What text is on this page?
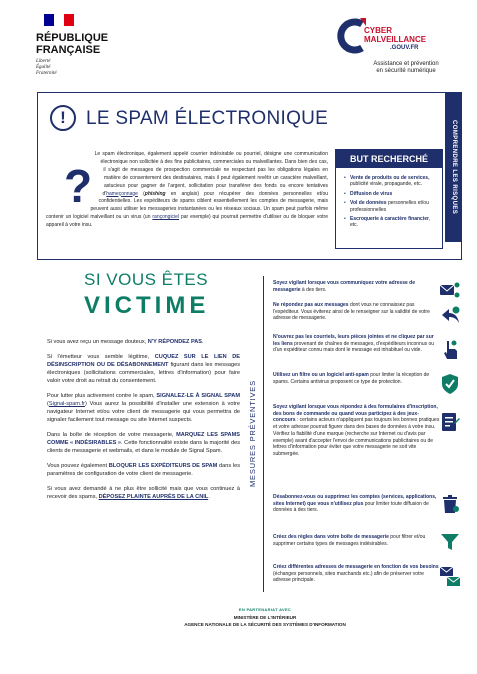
RÉPUBLIQUE
FRANÇAISE
Liberté
Égalité
Fraternité
CYBER
MALVEILLANCE
.GOUV.FR
Assistance et prévention
en sécurité numérique
COMPRENDRE LES RISQUES
!	LE SPAM ÉLECTRONIQUE
?
Le spam électronique, également appelé courrier indésirable ou pourriel, désigne une communication électronique non sollicitée à des fins publicitaires, commerciales ou malveillantes. Dans bien des cas, il s'agit de messages de prospection commerciale ne respectant pas les obligations légales en matière de consentement des destinataires, mais il peut également revêtir un caractère malveillant, astucieux pour gagner de l'argent, sollicitation pour transférer des fonds ou encore tentatives d'hameçonnage (phishing en anglais) pour récupérer des données personnelles et/ou confidentielles. Les expéditeurs de spams ciblent essentiellement les comptes de messagerie, mais peuvent aussi utiliser les messageries instantanées ou les réseaux sociaux. Un spam peut parfois même contenir un logiciel malveillant ou un virus (un rançongiciel par exemple) qui pourrait permettre d'utiliser ou de bloquer votre appareil à votre insu.
BUT RECHERCHÉ
• Vente de produits ou de services, publicité virale, propagande, etc.
• Diffusion de virus
• Vol de données personnelles et/ou professionnelles
• Escroquerie à caractère financier, etc.
SI VOUS ÊTES
VICTIME

Si vous avez reçu un message douteux, N'Y RÉPONDEZ PAS.

Si l'émetteur vous semble légitime, CUQUEZ SUR LE LIEN DE DÉSINSCRIPTION OU DE DÉSABONNEMENT figurant dans les messages électroniques (sollicitations commerciales, lettres d'information) pour faire valoir votre droit au retrait du consentement.

Pour lutter plus activement contre le spam, SIGNALEZ-LE À SIGNAL SPAM (Signal-spam.fr) Vous aurez la possibilité d'installer une extension à votre navigateur Internet et/ou votre client de messagerie qui vous permettra de signaler facilement tout message ou site Internet suspects.

Dans la boîte de réception de votre messagerie, MARQUEZ LES SPAMS COMME « INDÉSIRABLES ». Cette fonctionnalité existe dans la majorité des clients de messagerie et webmails, et dans le module de Signal Spam.

Vous pouvez également BLOQUER LES EXPÉDITEURS DE SPAM dans les paramètres de configuration de votre client de messagerie.

Si vous avez demandé à ne plus être sollicité mais que vous continuez à recevoir des spams, DÉPOSEZ PLAINTE AUPRÈS DE LA CNIL.

MESURES PRÉVENTIVES
Soyez vigilant lorsque vous communiquez votre adresse de messagerie à des tiers.
Ne répondez pas aux messages dont vous ne connaissez pas l'expéditeur. Vous éviterez ainsi de le renseigner sur la validité de votre adresse de messagerie.
N'ouvrez pas les courriels, leurs pièces jointes et ne cliquez par sur les liens provenant de chaînes de messages, d'expéditeurs inconnus ou d'un expéditeur connu mais dont le message est inhabituel ou vide.
Utilisez un filtre ou un logiciel anti-spam pour limiter la réception de spams. Certains antivirus proposent ce type de protection.
Soyez vigilant lorsque vous répondez à des formulaires d'inscription, des bons de commande ou quand vous participez à des jeux-concours : certains acteurs n'appliquent pas toujours les bonnes pratiques et votre adresse pourrait figurer dans des bases de données à votre insu. Vérifiez la fiabilité d'une marque (recherche sur Internet ou d'avis par exemple) avant d'accepter l'envoi de communications publicitaires ou de lettres d'information pour éviter que votre messagerie ne soit vite submergée.
Désabonnez-vous ou supprimez les comptes (services, applications, sites Internet) que vous n'utilisez plus pour limiter toute diffusion de données à des tiers.
Créez des règles dans votre boîte de messagerie pour filtrer et/ou supprimer certains types de messages indésirables.
Créez différentes adresses de messagerie en fonction de vos besoins (échanges personnels, sites marchands etc.) afin de préserver votre adresse principale.
EN PARTENARIAT AVEC
MINISTÈRE DE L'INTÉRIEUR
AGENCE NATIONALE DE LA SÉCURITÉ DES SYSTÈMES D'INFORMATION
